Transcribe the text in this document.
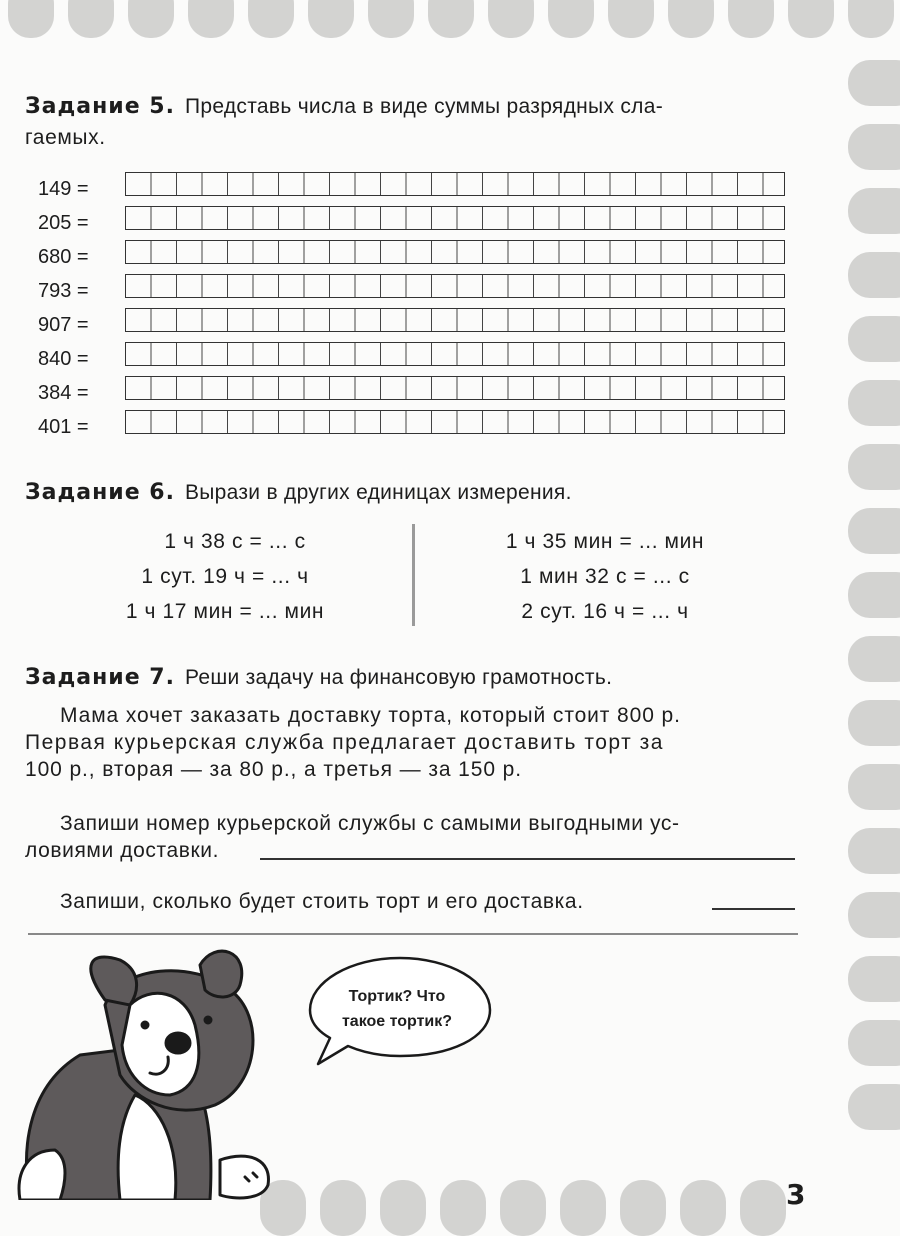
Задание 5. Представь числа в виде суммы разрядных сла-
гаемых.
149 =
205 =
680 =
793 =
907 =
840 =
384 =
401 =
Задание 6. Вырази в других единицах измерения.
1 ч 38 с = ... с
1 сут. 19 ч = ... ч
1 ч 17 мин = ... мин
1 ч 35 мин = ... мин
1 мин 32 с = ... с
2 сут. 16 ч = ... ч
Задание 7. Реши задачу на финансовую грамотность.
Мама хочет заказать доставку торта, который стоит 800 р.
Первая курьерская служба предлагает доставить торт за
100 р., вторая — за 80 р., а третья — за 150 р.
Запиши номер курьерской службы с самыми выгодными ус-
ловиями доставки.
Запиши, сколько будет стоить торт и его доставка.
Тортик? Что
такое тортик?
3
